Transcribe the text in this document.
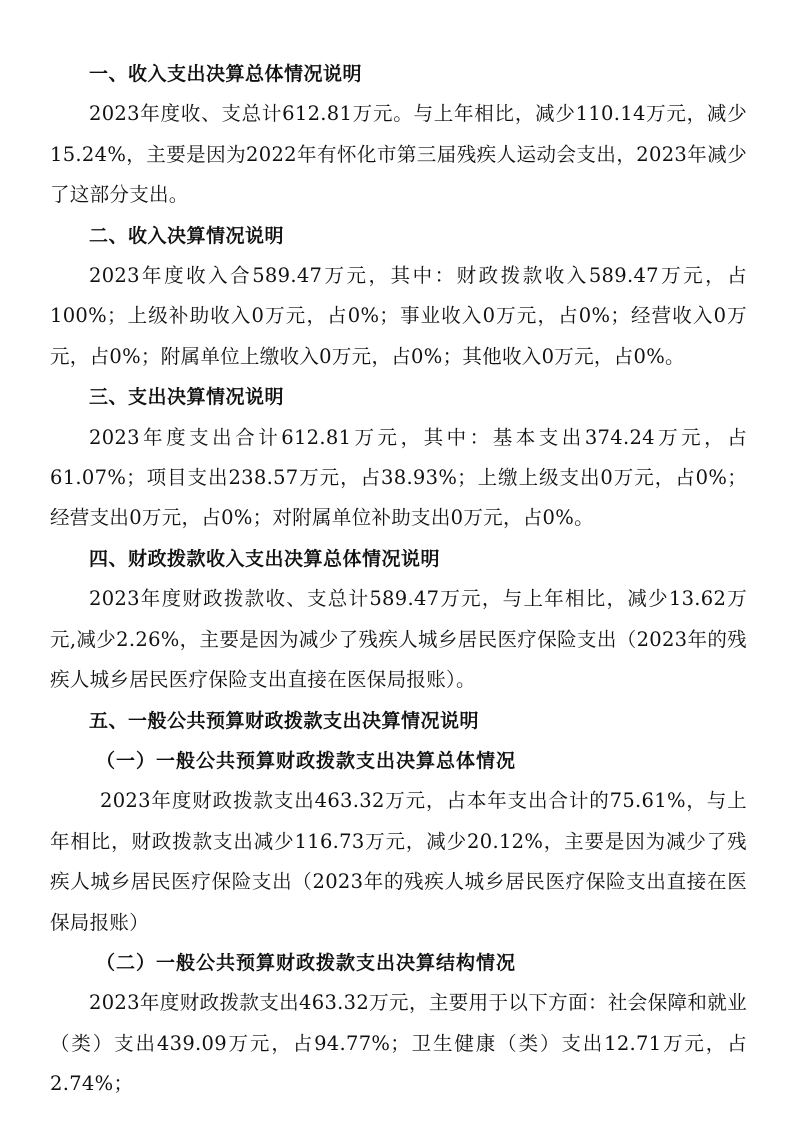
一、收入支出决算总体情况说明

2023年度收、支总计612.81万元。与上年相比，减少110.14万元，减少15.24%，主要是因为2022年有怀化市第三届残疾人运动会支出，2023年减少了这部分支出。

二、收入决算情况说明

2023年度收入合589.47万元，其中：财政拨款收入589.47万元，占100%；上级补助收入0万元，占0%；事业收入0万元，占0%；经营收入0万元，占0%；附属单位上缴收入0万元，占0%；其他收入0万元，占0%。

三、支出决算情况说明

2023年度支出合计612.81万元，其中：基本支出374.24万元，占61.07%；项目支出238.57万元，占38.93%；上缴上级支出0万元，占0%；经营支出0万元，占0%；对附属单位补助支出0万元，占0%。

四、财政拨款收入支出决算总体情况说明

2023年度财政拨款收、支总计589.47万元，与上年相比，减少13.62万元,减少2.26%，主要是因为减少了残疾人城乡居民医疗保险支出（2023年的残疾人城乡居民医疗保险支出直接在医保局报账）。

五、一般公共预算财政拨款支出决算情况说明

（一）一般公共预算财政拨款支出决算总体情况

2023年度财政拨款支出463.32万元，占本年支出合计的75.61%，与上年相比，财政拨款支出减少116.73万元，减少20.12%，主要是因为减少了残疾人城乡居民医疗保险支出（2023年的残疾人城乡居民医疗保险支出直接在医保局报账）

（二）一般公共预算财政拨款支出决算结构情况

2023年度财政拨款支出463.32万元，主要用于以下方面：社会保障和就业（类）支出439.09万元，占94.77%；卫生健康（类）支出12.71万元，占2.74%；
